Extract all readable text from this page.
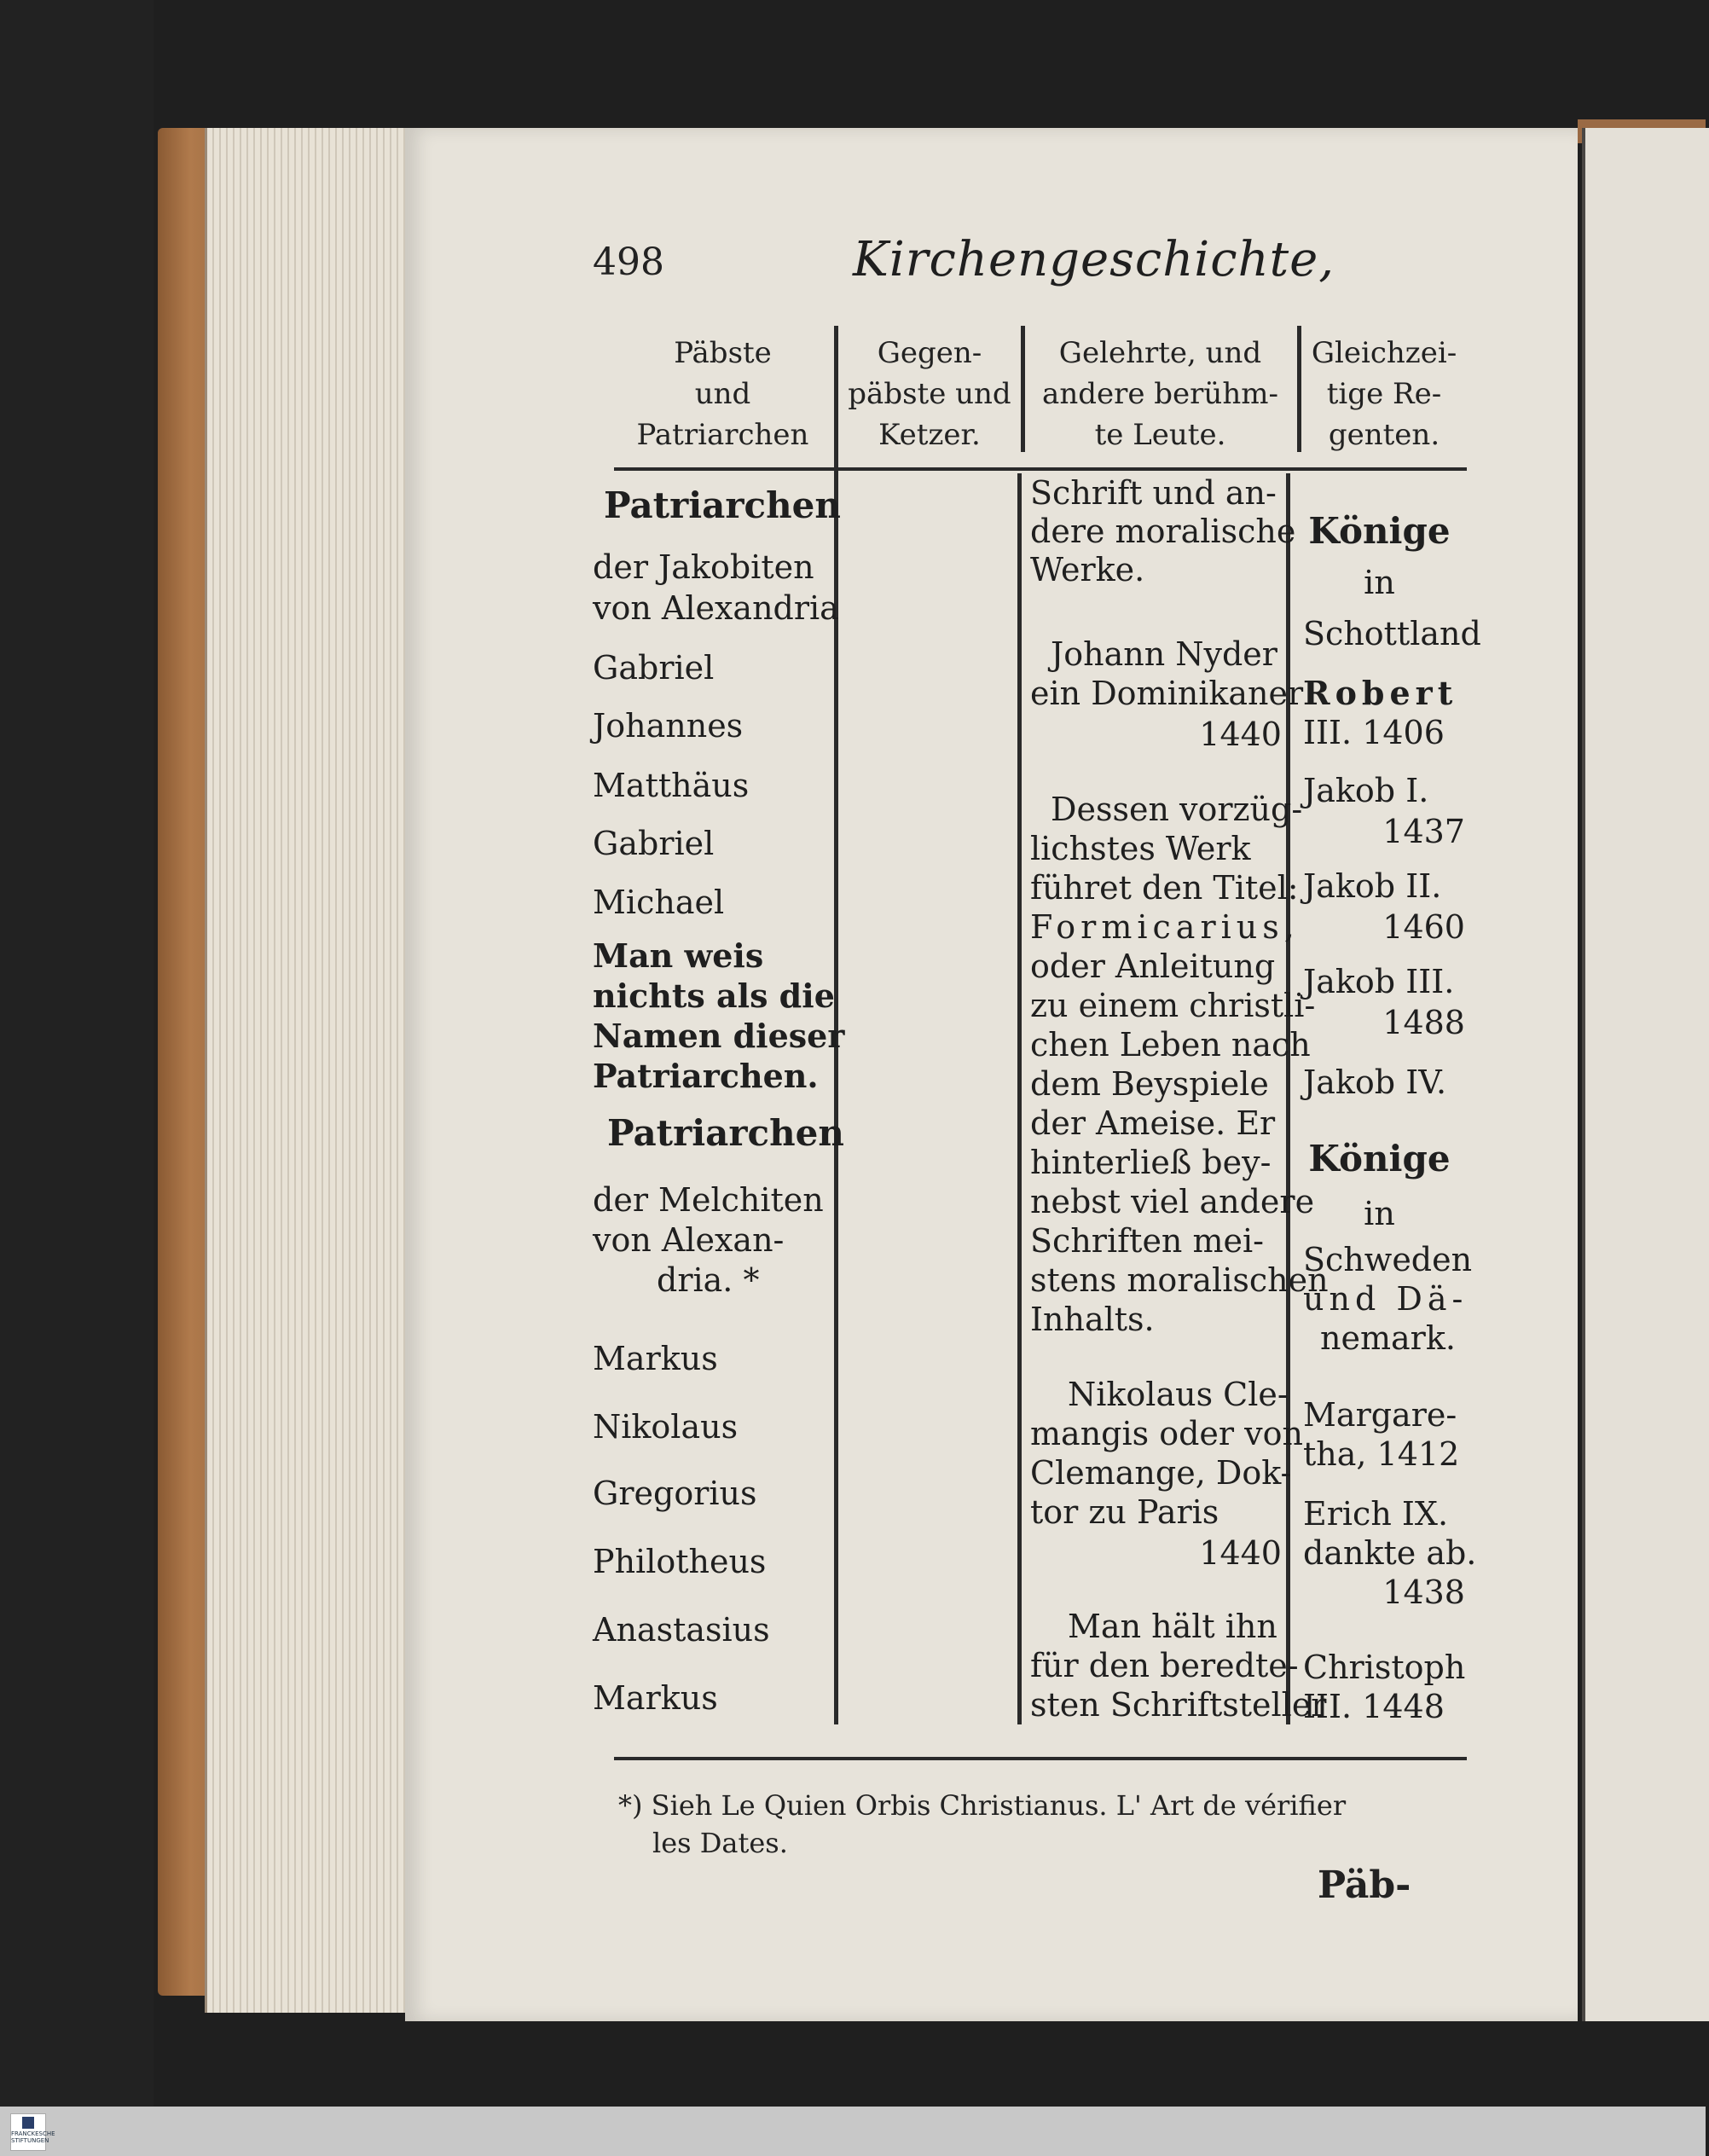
498	Kirchengeschichte,
Päbste
und
Patriarchen
Gegen-
päbste und
Ketzer.
Gelehrte, und
andere berühm-
te Leute.
Gleichzei-
tige Re-
genten.
Patriarchen
der Jakobiten
von Alexandria
Gabriel
Johannes
Matthäus
Gabriel
Michael
Man weis
nichts als die
Namen dieser
Patriarchen.
Patriarchen
der Melchiten
von Alexan-
dria. *
Markus
Nikolaus
Gregorius
Philotheus
Anastasius
Markus
Schrift und an-
dere moralische
Werke.
Johann Nyder
ein Dominikaner
1440
Dessen vorzüg-
lichstes Werk
führet den Titel:
Formicarius,
oder Anleitung
zu einem christli-
chen Leben nach
dem Beyspiele
der Ameise. Er
hinterließ bey-
nebst viel andere
Schriften mei-
stens moralischen
Inhalts.
Nikolaus Cle-
mangis oder von
Clemange, Dok-
tor zu Paris
1440
Man hält ihn
für den beredte-
sten Schriftsteller
Könige
in
Schottland
Robert
III. 1406
Jakob I.
1437
Jakob II.
1460
Jakob III.
1488
Jakob IV.
Könige
in
Schweden
und Dä-
nemark.
Margare-
tha, 1412
Erich IX.
dankte ab.
1438
Christoph
III. 1448
*) Sieh Le Quien Orbis Christianus. L' Art de vérifier
les Dates.
Päb-
FRANCKESCHE
STIFTUNGEN
